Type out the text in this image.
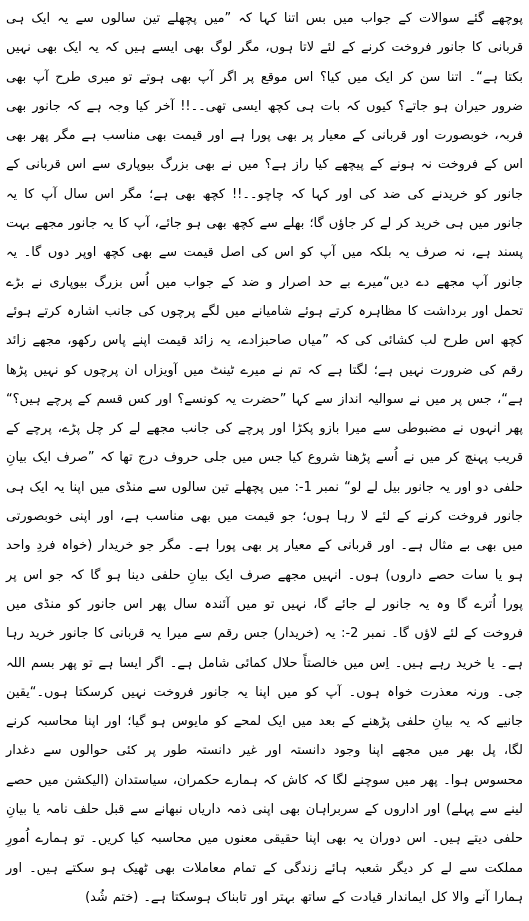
پوچھے گئے سوالات کے جواب میں بس اتنا کہا کہ ”میں پچھلے تین سالوں سے یہ ایک ہی قربانی کا جانور فروخت کرنے کے لئے لاتا ہوں، مگر لوگ بھی ایسے ہیں کہ یہ ایک بھی نہیں بکتا ہے“۔ اتنا سن کر ایک میں کیا؟ اس موقع پر اگر آپ بھی ہوتے تو میری طرح آپ بھی ضرور حیران ہو جاتے؟ کیوں کہ بات ہی کچھ ایسی تھی۔۔!! آخر کیا وجہ ہے کہ جانور بھی فربہ، خوبصورت اور قربانی کے معیار پر بھی پورا ہے اور قیمت بھی مناسب ہے مگر پھر بھی اس کے فروخت نہ ہونے کے پیچھے کیا راز ہے؟ میں نے بھی بزرگ بیوپاری سے اس قربانی کے جانور کو خریدنے کی ضد کی اور کہا کہ چاچو۔۔!! کچھ بھی ہے؛ مگر اس سال آپ کا یہ جانور میں ہی خرید کر لے کر جاؤں گا؛ بھلے سے کچھ بھی ہو جائے، آپ کا یہ جانور مجھے بہت پسند ہے، نہ صرف یہ بلکہ میں آپ کو اس کی اصل قیمت سے بھی کچھ اوپر دوں گا۔ یہ جانور آپ مجھے دے دیں“میرے بے حد اصرار و ضد کے جواب میں اُس بزرگ بیوپاری نے بڑے تحمل اور برداشت کا مظاہرہ کرتے ہوئے شامیانے میں لگے پرچوں کی جانب اشارہ کرتے ہوئے کچھ اس طرح لب کشائی کی کہ ”میاں صاحبزادے، یہ زائد قیمت اپنے پاس رکھو، مجھے زائد رقم کی ضرورت نہیں ہے؛ لگتا ہے کہ تم نے میرے ٹینٹ میں آویزاں ان پرچوں کو نہیں پڑھا ہے“، جس پر میں نے سوالیہ انداز سے کہا ”حضرت یہ کونسے؟ اور کس قسم کے پرچے ہیں؟“ پھر انہوں نے مضبوطی سے میرا بازو پکڑا اور پرچے کی جانب مجھے لے کر چل پڑے، پرچے کے قریب پہنچ کر میں نے اُسے پڑھنا شروع کیا جس میں جلی حروف درج تھا کہ ”صرف ایک بیانِ حلفی دو اور یہ جانور بیل لے لو“ نمبر 1-: میں پچھلے تین سالوں سے منڈی میں اپنا یہ ایک ہی جانور فروخت کرنے کے لئے لا رہا ہوں؛ جو قیمت میں بھی مناسب ہے، اور اپنی خوبصورتی میں بھی بے مثال ہے۔ اور قربانی کے معیار پر بھی پورا ہے۔ مگر جو خریدار (خواہ فردِ واحد ہو یا سات حصے داروں) ہوں۔ انہیں مجھے صرف ایک بیانِ حلفی دینا ہو گا کہ جو اس پر پورا اُترے گا وہ یہ جانور لے جائے گا، نہیں تو میں آئندہ سال پھر اس جانور کو منڈی میں فروخت کے لئے لاؤں گا۔ نمبر 2-: یہ (خریدار) جس رقم سے میرا یہ قربانی کا جانور خرید رہا ہے۔ یا خرید رہے ہیں۔ اِس میں خالصتاً حلال کمائی شامل ہے۔ اگر ایسا ہے تو پھر بسم اللہ جی۔ ورنہ معذرت خواہ ہوں۔ آپ کو میں اپنا یہ جانور فروخت نہیں کرسکتا ہوں۔“یقین جانیے کہ یہ بیانِ حلفی پڑھنے کے بعد میں ایک لمحے کو مایوس ہو گیا؛ اور اپنا محاسبہ کرنے لگا، پل بھر میں مجھے اپنا وجود دانستہ اور غیر دانستہ طور پر کئی حوالوں سے دغدار محسوس ہوا۔ پھر میں سوچنے لگا کہ کاش کہ ہمارے حکمران، سیاستدان (الیکشن میں حصے لینے سے پہلے) اور اداروں کے سربراہان بھی اپنی ذمہ داریاں نبھانے سے قبل حلف نامہ یا بیانِ حلفی دیتے ہیں۔ اس دوران یہ بھی اپنا حقیقی معنوں میں محاسبہ کیا کریں۔ تو ہمارے اُمورِ مملکت سے لے کر دیگر شعبہ ہائے زندگی کے تمام معاملات بھی ٹھیک ہو سکتے ہیں۔ اور ہمارا آنے والا کل ایماندار قیادت کے ساتھ بہتر اور تابناک ہوسکتا ہے۔ (ختم شُد)
